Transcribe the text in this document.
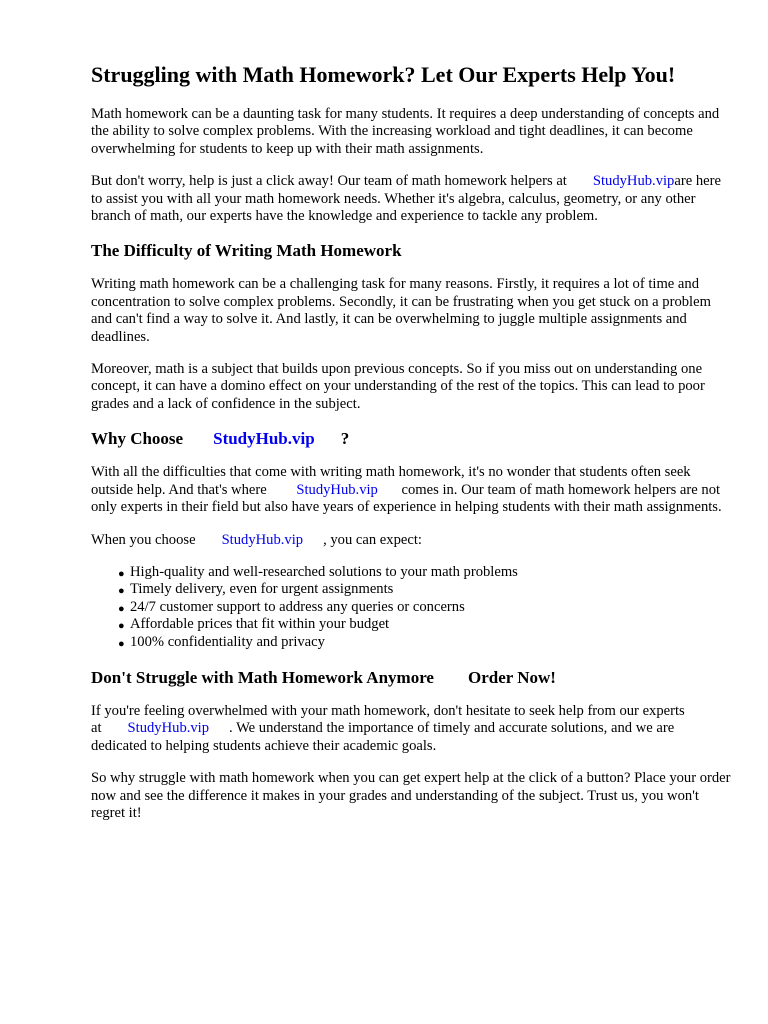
Struggling with Math Homework? Let Our Experts Help You!

Math homework can be a daunting task for many students. It requires a deep understanding of concepts and the ability to solve complex problems. With the increasing workload and tight deadlines, it can become overwhelming for students to keep up with their math assignments.

But don't worry, help is just a click away! Our team of math homework helpers at StudyHub.vipare here to assist you with all your math homework needs. Whether it's algebra, calculus, geometry, or any other branch of math, our experts have the knowledge and experience to tackle any problem.

The Difficulty of Writing Math Homework

Writing math homework can be a challenging task for many reasons. Firstly, it requires a lot of time and concentration to solve complex problems. Secondly, it can be frustrating when you get stuck on a problem and can't find a way to solve it. And lastly, it can be overwhelming to juggle multiple assignments and deadlines.

Moreover, math is a subject that builds upon previous concepts. So if you miss out on understanding one concept, it can have a domino effect on your understanding of the rest of the topics. This can lead to poor grades and a lack of confidence in the subject.

Why Choose StudyHub.vip ?

With all the difficulties that come with writing math homework, it's no wonder that students often seek outside help. And that's where StudyHub.vip comes in. Our team of math homework helpers are not only experts in their field but also have years of experience in helping students with their math assignments.

When you choose StudyHub.vip , you can expect:

● High-quality and well-researched solutions to your math problems
● Timely delivery, even for urgent assignments
● 24/7 customer support to address any queries or concerns
● Affordable prices that fit within your budget
● 100% confidentiality and privacy
Don't Struggle with Math Homework Anymore Order Now!

If you're feeling overwhelmed with your math homework, don't hesitate to seek help from our experts at StudyHub.vip . We understand the importance of timely and accurate solutions, and we are dedicated to helping students achieve their academic goals.

So why struggle with math homework when you can get expert help at the click of a button? Place your order now and see the difference it makes in your grades and understanding of the subject. Trust us, you won't regret it!
